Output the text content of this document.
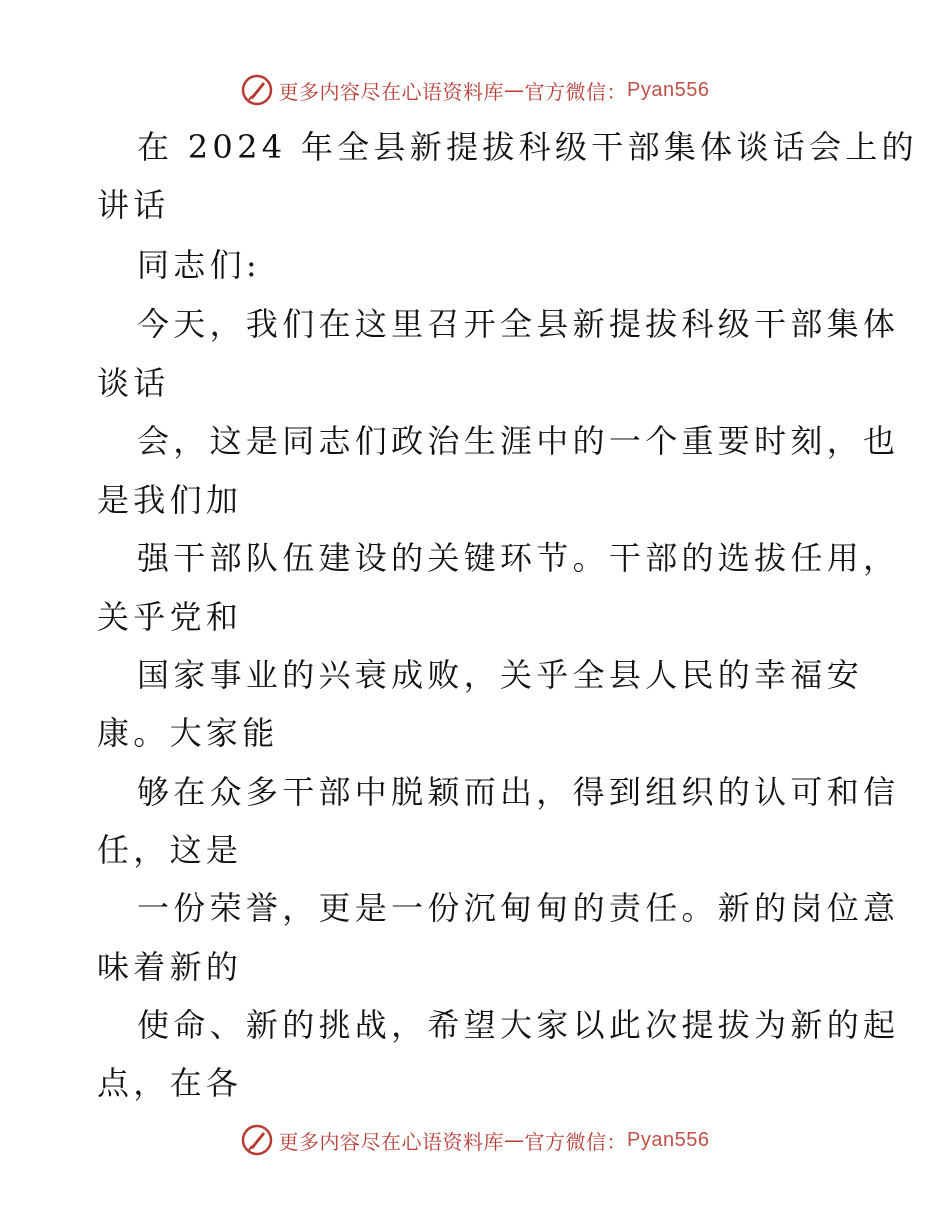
更多内容尽在心语资料库 — 官方微信： Pyan556
在 2024 年全县新提拔科级干部集体谈话会上的
讲话
同志们:
今天，我们在这里召开全县新提拔科级干部集体
谈话
会，这是同志们政治生涯中的一个重要时刻，也
是我们加
强干部队伍建设的关键环节。干部的选拔任用，
关乎党和
国家事业的兴衰成败，关乎全县人民的幸福安
康。大家能
够在众多干部中脱颖而出，得到组织的认可和信
任，这是
一份荣誉，更是一份沉甸甸的责任。新的岗位意
味着新的
使命、新的挑战，希望大家以此次提拔为新的起
点，在各
更多内容尽在心语资料库 — 官方微信： Pyan556
